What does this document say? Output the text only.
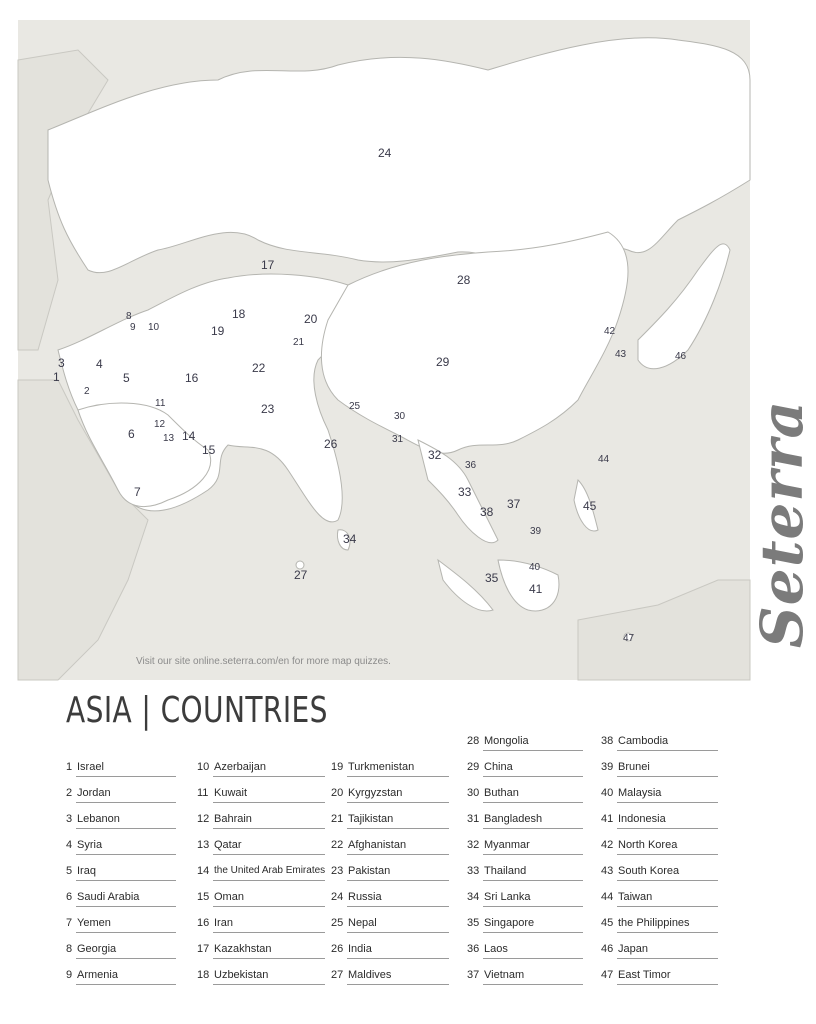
1
2
3	4
5
6
7
8
9 10
11
12
13 14
15
16
17
18
19
20
21
22
23
24
25
26
27
28
29
30
31
32
33
34
35
36
37
38
39
40
41
42
43
44
45
46
47
Visit our site online.seterra.com/en for more map quizzes.
Seterra
ASIA | COUNTRIES
1 Israel
2 Jordan
3 Lebanon
4 Syria
5 Iraq
6 Saudi Arabia
7 Yemen
8 Georgia
9 Armenia
10 Azerbaijan
11 Kuwait
12 Bahrain
13 Qatar
14 the United Arab Emirates
15 Oman
16 Iran
17 Kazakhstan
18 Uzbekistan
19 Turkmenistan
20 Kyrgyzstan
21 Tajikistan
22 Afghanistan
23 Pakistan
24 Russia
25 Nepal
26 India
27 Maldives
28 Mongolia
29 China
30 Buthan
31 Bangladesh
32 Myanmar
33 Thailand
34 Sri Lanka
35 Singapore
36 Laos
37 Vietnam
38 Cambodia
39 Brunei
40 Malaysia
41 Indonesia
42 North Korea
43 South Korea
44 Taiwan
45 the Philippines
46 Japan
47 East Timor
